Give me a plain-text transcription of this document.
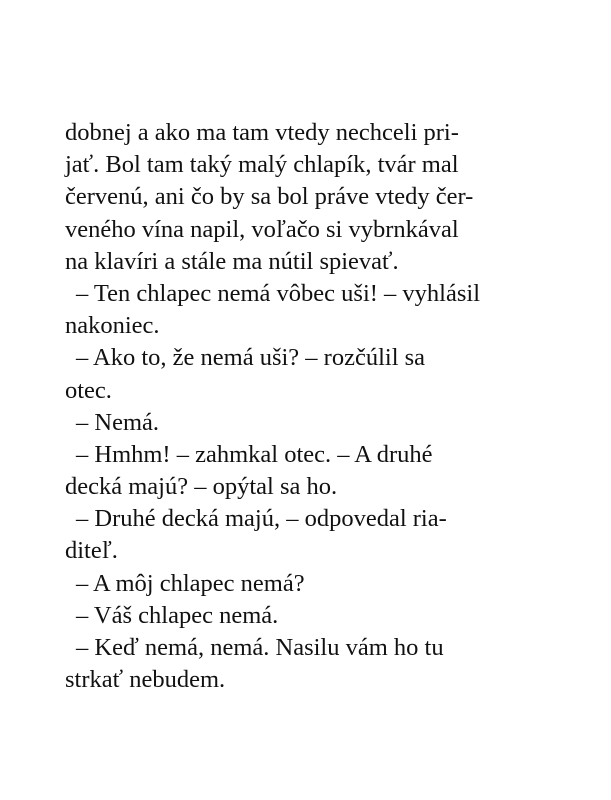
dobnej a ako ma tam vtedy nechceli pri-
jať. Bol tam taký malý chlapík, tvár mal
červenú, ani čo by sa bol práve vtedy čer-
veného vína napil, voľačo si vybrnkával
na klavíri a stále ma nútil spievať.
– Ten chlapec nemá vôbec uši! – vyhlásil
nakoniec.
– Ako to, že nemá uši? – rozčúlil sa
otec.
– Nemá.
– Hmhm! – zahmkal otec. – A druhé
decká majú? – opýtal sa ho.
– Druhé decká majú, – odpovedal ria-
diteľ.
– A môj chlapec nemá?
– Váš chlapec nemá.
– Keď nemá, nemá. Nasilu vám ho tu
strkať nebudem.
